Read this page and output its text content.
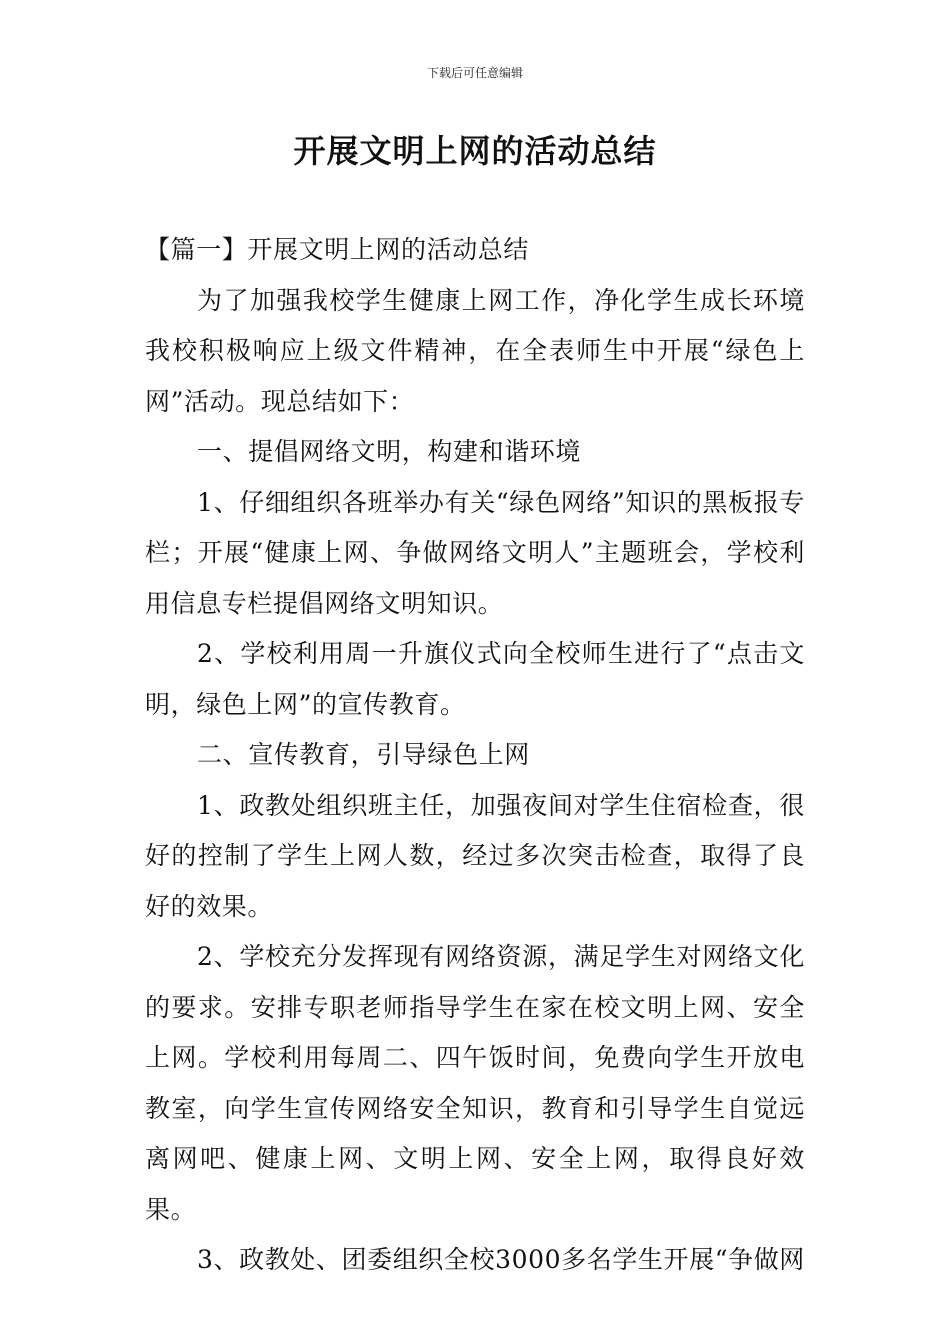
下载后可任意编辑
开展文明上网的活动总结

【篇一】开展文明上网的活动总结

为了加强我校学生健康上网工作，净化学生成长环境我校积极响应上级文件精神，在全表师生中开展“绿色上网”活动。现总结如下：

一、提倡网络文明，构建和谐环境

1、仔细组织各班举办有关“绿色网络”知识的黑板报专栏；开展“健康上网、争做网络文明人”主题班会，学校利用信息专栏提倡网络文明知识。

2、学校利用周一升旗仪式向全校师生进行了“点击文明，绿色上网”的宣传教育。

二、宣传教育，引导绿色上网

1、政教处组织班主任，加强夜间对学生住宿检查，很好的控制了学生上网人数，经过多次突击检查，取得了良好的效果。

2、学校充分发挥现有网络资源，满足学生对网络文化的要求。安排专职老师指导学生在家在校文明上网、安全上网。学校利用每周二、四午饭时间，免费向学生开放电教室，向学生宣传网络安全知识，教育和引导学生自觉远离网吧、健康上网、文明上网、安全上网，取得良好效果。

3、政教处、团委组织全校3000多名学生开展“争做网
